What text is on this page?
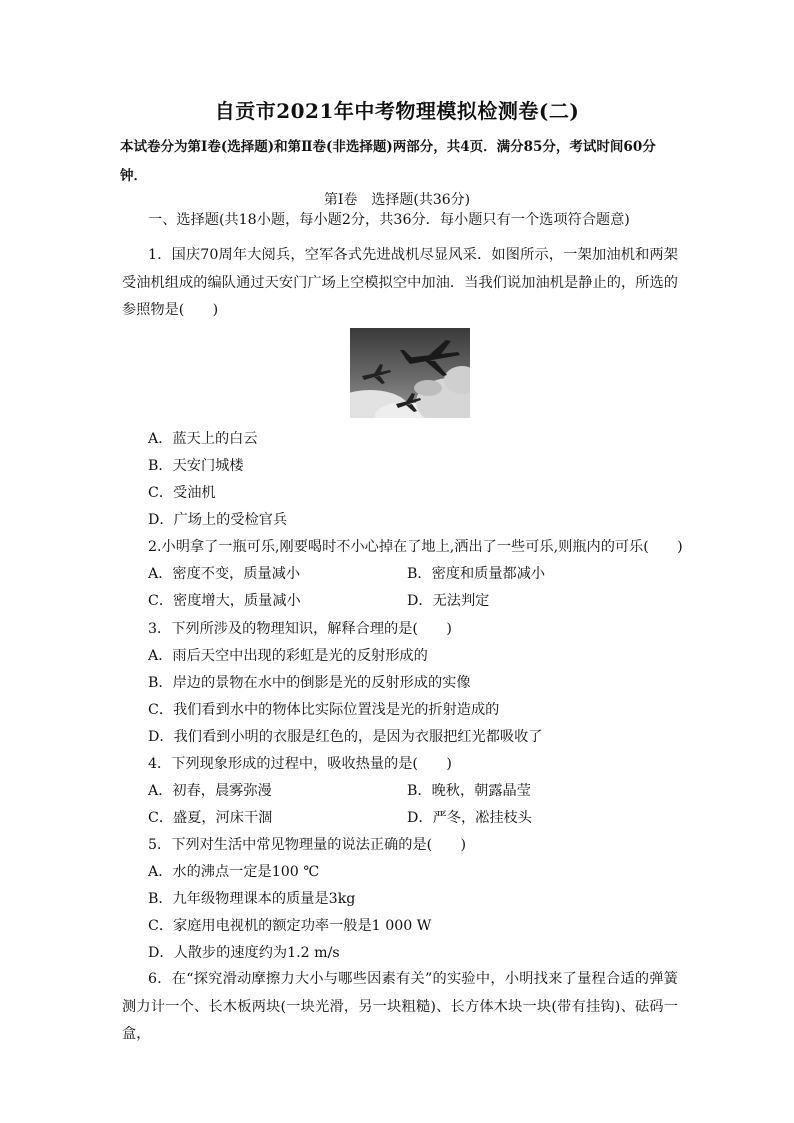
自贡市2021年中考物理模拟检测卷(二)
本试卷分为第Ⅰ卷(选择题)和第Ⅱ卷(非选择题)两部分，共4页．满分85分，考试时间60分钟．
第Ⅰ卷　选择题(共36分)
一、选择题(共18小题，每小题2分，共36分．每小题只有一个选项符合题意)
1．国庆70周年大阅兵，空军各式先进战机尽显风采．如图所示，一架加油机和两架受油机组成的编队通过天安门广场上空模拟空中加油．当我们说加油机是静止的，所选的参照物是(　　)
A．蓝天上的白云
B．天安门城楼
C．受油机
D．广场上的受检官兵
2.小明拿了一瓶可乐,刚要喝时不小心掉在了地上,洒出了一些可乐,则瓶内的可乐(　　)
A．密度不变，质量减小	B．密度和质量都减小
C．密度增大，质量减小	D．无法判定
3．下列所涉及的物理知识，解释合理的是(　　)
A．雨后天空中出现的彩虹是光的反射形成的
B．岸边的景物在水中的倒影是光的反射形成的实像
C．我们看到水中的物体比实际位置浅是光的折射造成的
D．我们看到小明的衣服是红色的，是因为衣服把红光都吸收了
4．下列现象形成的过程中，吸收热量的是(　　)
A．初春，晨雾弥漫	B．晚秋，朝露晶莹
C．盛夏，河床干涸	D．严冬，凇挂枝头
5．下列对生活中常见物理量的说法正确的是(　　)
A．水的沸点一定是100 ℃
B．九年级物理课本的质量是3kg
C．家庭用电视机的额定功率一般是1 000 W
D．人散步的速度约为1.2 m/s
6．在“探究滑动摩擦力大小与哪些因素有关”的实验中，小明找来了量程合适的弹簧测力计一个、长木板两块(一块光滑，另一块粗糙)、长方体木块一块(带有挂钩)、砝码一盒，
